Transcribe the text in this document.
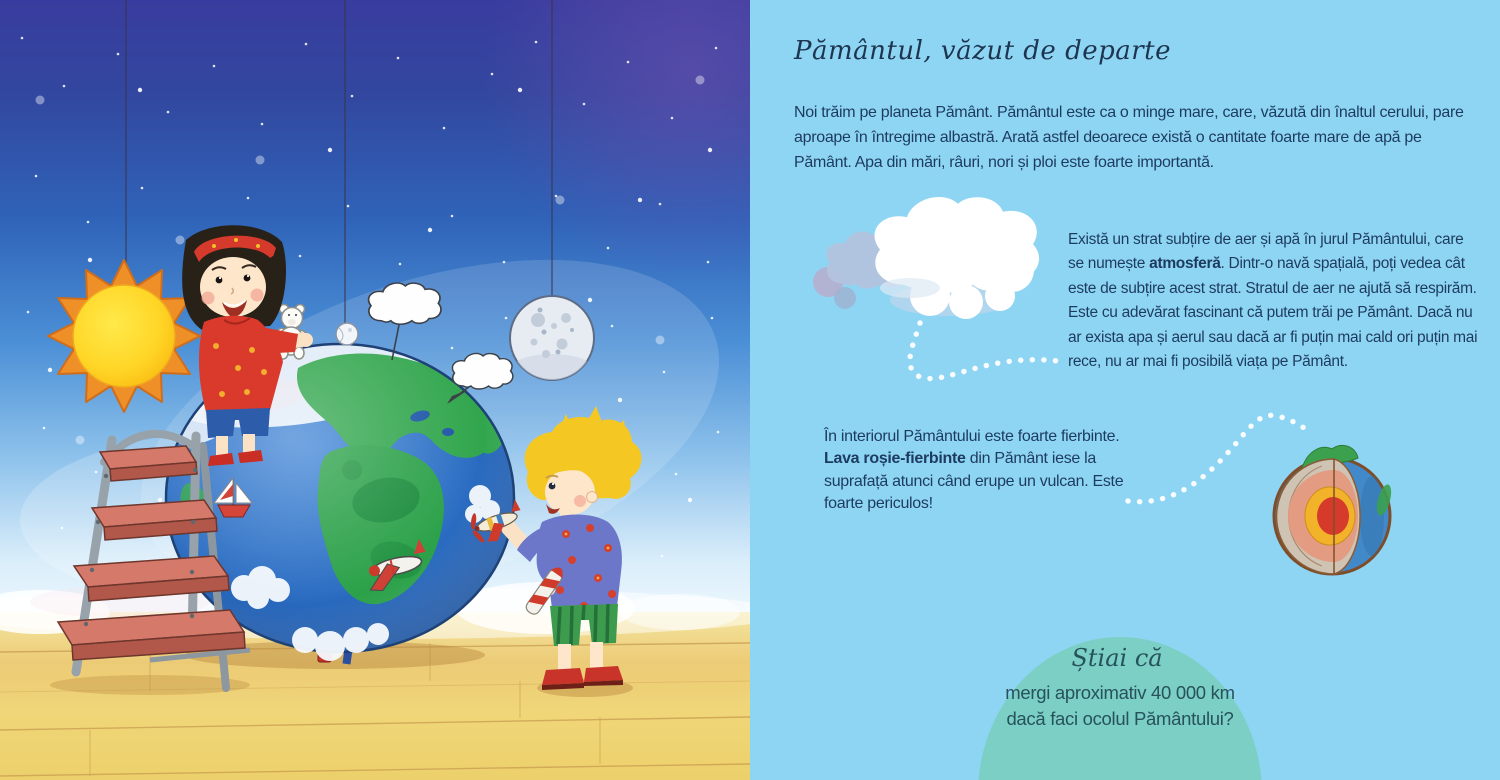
Pământul, văzut de departe

Noi trăim pe planeta Pământ. Pământul este ca o minge mare, care, văzută din înaltul cerului, pare aproape în întregime albastră. Arată astfel deoarece există o cantitate foarte mare de apă pe Pământ. Apa din mări, râuri, nori și ploi este foarte importantă.

Există un strat subțire de aer și apă în jurul Pământului, care se numește atmosferă. Dintr-o navă spațială, poți vedea cât este de subțire acest strat. Stratul de aer ne ajută să respirăm. Este cu adevărat fascinant că putem trăi pe Pământ. Dacă nu ar exista apa și aerul sau dacă ar fi puțin mai cald ori puțin mai rece, nu ar mai fi posibilă viața pe Pământ.

În interiorul Pământului este foarte fierbinte. Lava roșie-fierbinte din Pământ iese la suprafață atunci când erupe un vulcan. Este foarte periculos!

Știai că
mergi aproximativ 40 000 km dacă faci ocolul Pământului?
